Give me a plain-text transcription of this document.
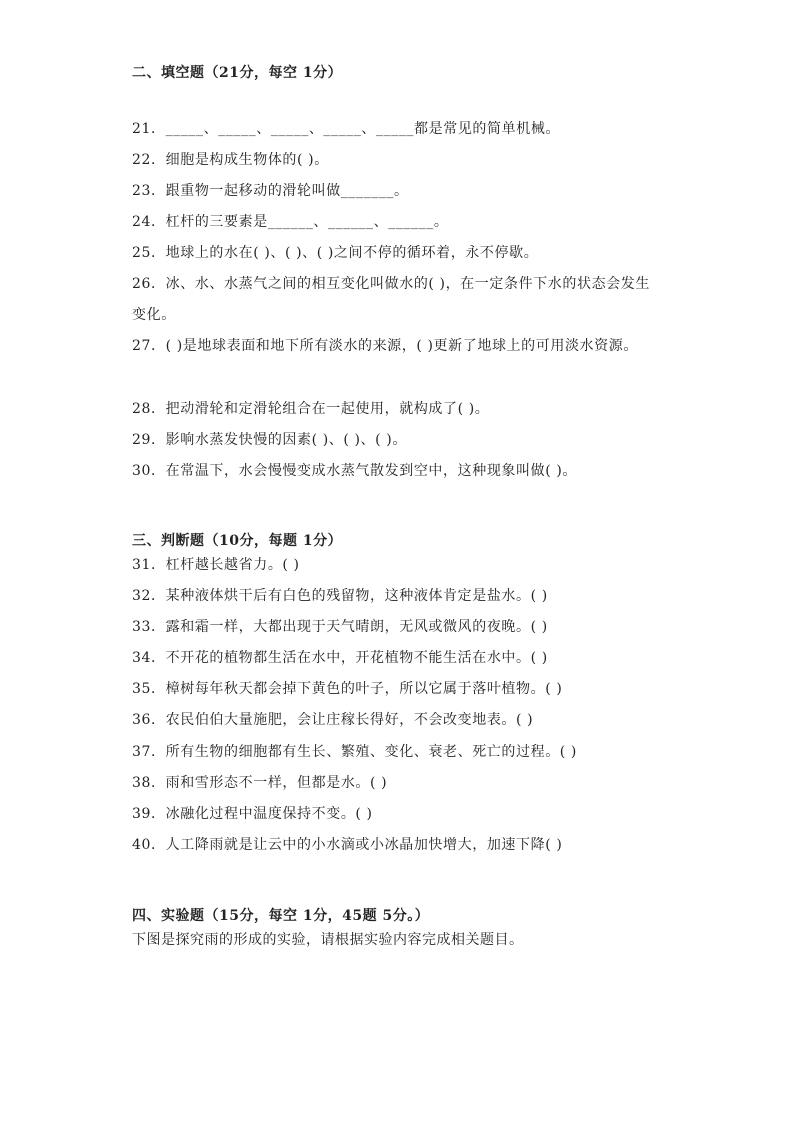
二、填空题（21分，每空 1分）
21．_____、_____、_____、_____、_____都是常见的简单机械。
22．细胞是构成生物体的( )。
23．跟重物一起移动的滑轮叫做_______。
24．杠杆的三要素是______、______、______。
25．地球上的水在( )、( )、( )之间不停的循环着，永不停歇。
26．冰、水、水蒸气之间的相互变化叫做水的( )，在一定条件下水的状态会发生变化。
27．( )是地球表面和地下所有淡水的来源，( )更新了地球上的可用淡水资源。
28．把动滑轮和定滑轮组合在一起使用，就构成了( )。
29．影响水蒸发快慢的因素( )、( )、( )。
30．在常温下，水会慢慢变成水蒸气散发到空中，这种现象叫做( )。
三、判断题（10分，每题 1分）
31．杠杆越长越省力。( )
32．某种液体烘干后有白色的残留物，这种液体肯定是盐水。( )
33．露和霜一样，大都出现于天气晴朗，无风或微风的夜晚。( )
34．不开花的植物都生活在水中，开花植物不能生活在水中。( )
35．樟树每年秋天都会掉下黄色的叶子，所以它属于落叶植物。( )
36．农民伯伯大量施肥，会让庄稼长得好，不会改变地表。( )
37．所有生物的细胞都有生长、繁殖、变化、衰老、死亡的过程。( )
38．雨和雪形态不一样，但都是水。( )
39．冰融化过程中温度保持不变。( )
40．人工降雨就是让云中的小水滴或小冰晶加快增大，加速下降( )
四、实验题（15分，每空 1分，45题 5分。）
下图是探究雨的形成的实验，请根据实验内容完成相关题目。
